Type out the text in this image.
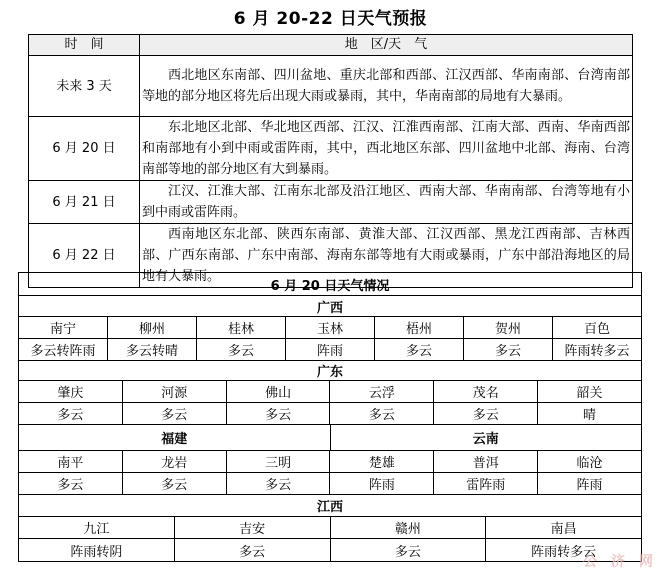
6 月 20-22 日天气预报
时　间	地　区/天　气
未来 3 天	西北地区东南部、四川盆地、重庆北部和西部、江汉西部、华南南部、台湾南部等地的部分地区将先后出现大雨或暴雨，其中，华南南部的局地有大暴雨。
6 月 20 日	东北地区北部、华北地区西部、江汉、江淮西南部、江南大部、西南、华南西部和南部地有小到中雨或雷阵雨，其中，西北地区东部、四川盆地中北部、海南、台湾南部等地的部分地区有大到暴雨。
6 月 21 日	江汉、江淮大部、江南东北部及沿江地区、西南大部、华南南部、台湾等地有小到中雨或雷阵雨。
6 月 22 日	西南地区东北部、陕西东南部、黄淮大部、江汉西部、黑龙江西南部、吉林西部、广西东南部、广东中南部、海南东部等地有大雨或暴雨，广东中部沿海地区的局地有大暴雨。
6 月 20 日天气情况
广西
南宁	柳州	桂林	玉林	梧州	贺州	百色
多云转阵雨	多云转晴	多云	阵雨	多云	多云	阵雨转多云
广东
肇庆	河源	佛山	云浮	茂名	韶关
多云	多云	多云	多云	多云	晴
福建	云南
南平	龙岩	三明	楚雄	普洱	临沧
多云	多云	多云	阵雨	雷阵雨	阵雨
江西
九江	吉安	赣州	南昌
阵雨转阴	多云	多云	阵雨转多云
公　济　网
